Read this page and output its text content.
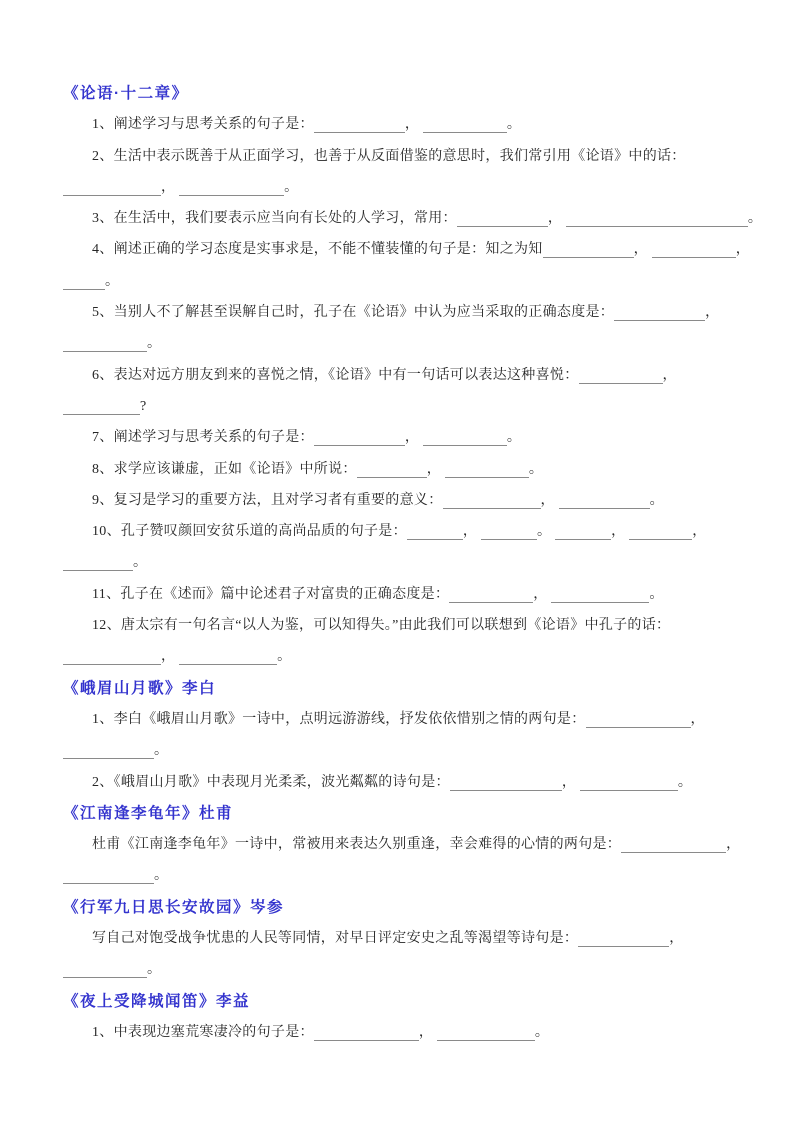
《论语·十二章》
1、阐述学习与思考关系的句子是：	，	。
2、生活中表示既善于从正面学习，也善于从反面借鉴的意思时，我们常引用《论语》中的话：
，	。
3、在生活中，我们要表示应当向有长处的人学习，常用：	，	。
4、阐述正确的学习态度是实事求是，不能不懂装懂的句子是：知之为知	，	，
。
5、当别人不了解甚至误解自己时，孔子在《论语》中认为应当采取的正确态度是：	，
。
6、表达对远方朋友到来的喜悦之情，《论语》中有一句话可以表达这种喜悦：	，
?
7、阐述学习与思考关系的句子是：	，	。
8、求学应该谦虚，正如《论语》中所说：	，	。
9、复习是学习的重要方法，且对学习者有重要的意义：	，	。
10、孔子赞叹颜回安贫乐道的高尚品质的句子是：	，	。	，	，
。
11、孔子在《述而》篇中论述君子对富贵的正确态度是：	，	。
12、唐太宗有一句名言“以人为鉴，可以知得失。”由此我们可以联想到《论语》中孔子的话：
，	。
《峨眉山月歌》李白
1、李白《峨眉山月歌》一诗中，点明远游游线，抒发依依惜别之情的两句是：	，
。
2、《峨眉山月歌》中表现月光柔柔，波光粼粼的诗句是：	，	。
《江南逢李龟年》杜甫
杜甫《江南逢李龟年》一诗中，常被用来表达久别重逢，幸会难得的心情的两句是：	，
。
《行军九日思长安故园》岑参
写自己对饱受战争忧患的人民等同情，对早日评定安史之乱等渴望等诗句是：	，
。
《夜上受降城闻笛》李益
1、中表现边塞荒寒凄冷的句子是：	，	。
